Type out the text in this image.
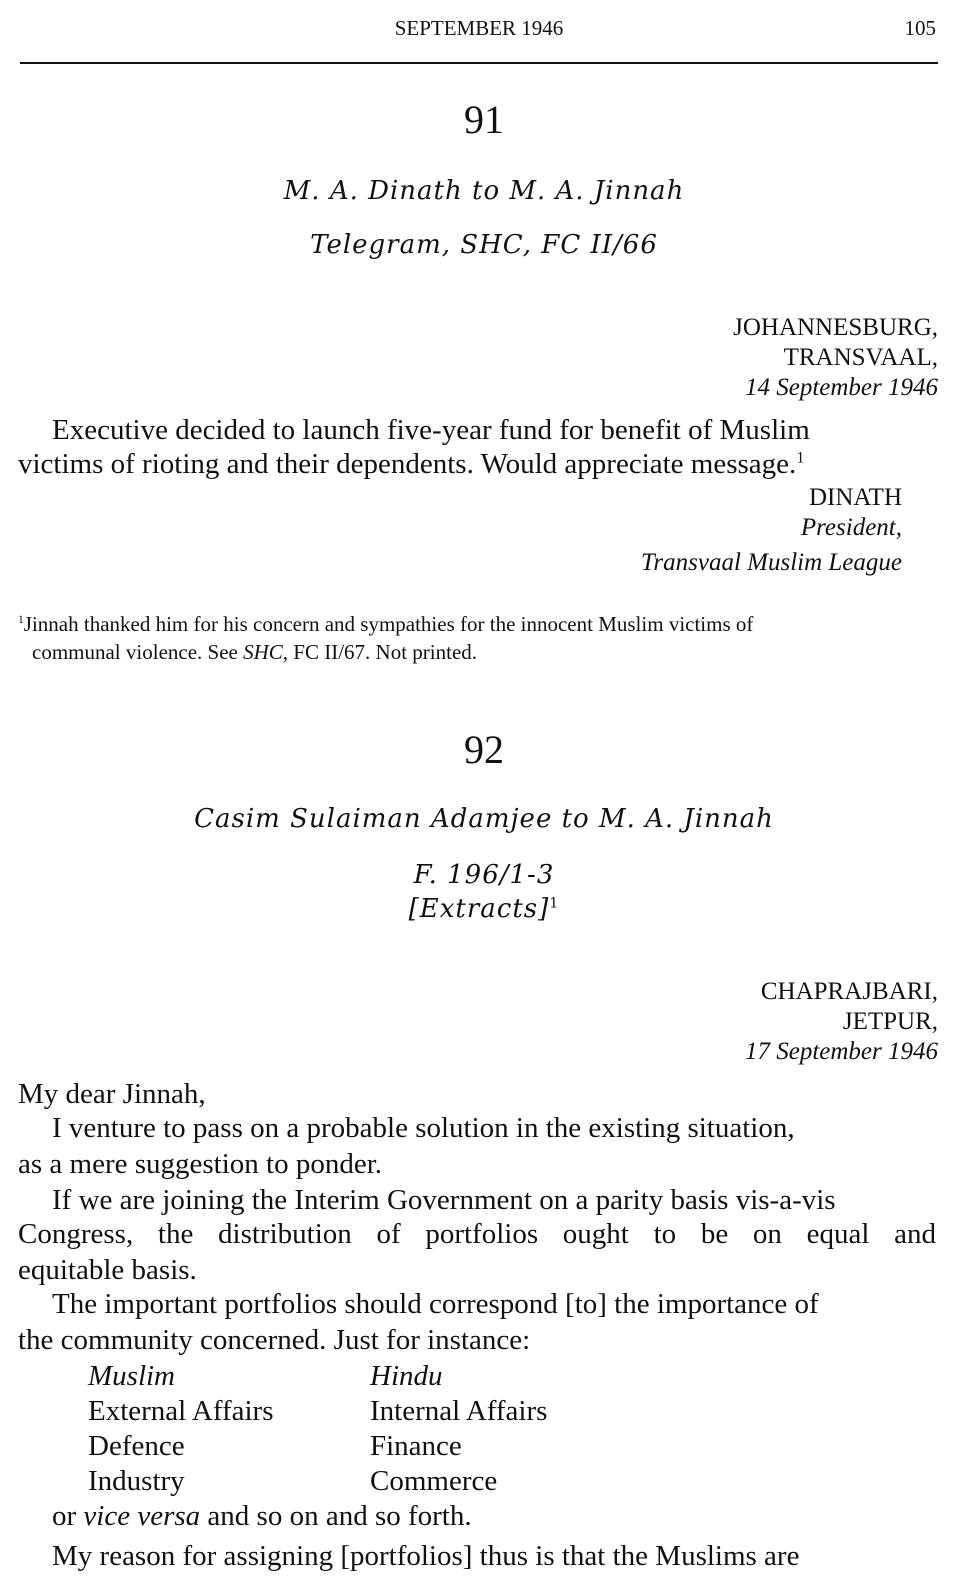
SEPTEMBER 1946	105
91
M. A. Dinath to M. A. Jinnah
Telegram, SHC, FC II/66
JOHANNESBURG,
TRANSVAAL,
14 September 1946
Executive decided to launch five-year fund for benefit of Muslim
victims of rioting and their dependents. Would appreciate message.$^1$
DINATH
President,
Transvaal Muslim League
$^1$Jinnah thanked him for his concern and sympathies for the innocent Muslim victims of
communal violence. See SHC, FC II/67. Not printed.
92
Casim Sulaiman Adamjee to M. A. Jinnah
F. 196/1-3
[Extracts]$^1$
CHAPRAJBARI,
JETPUR,
17 September 1946
My dear Jinnah,
I venture to pass on a probable solution in the existing situation,
as a mere suggestion to ponder.
If we are joining the Interim Government on a parity basis vis-a-vis
Congress, the distribution of portfolios ought to be on equal and
equitable basis.
The important portfolios should correspond [to] the importance of
the community concerned. Just for instance:
Muslim	Hindu
External Affairs	Internal Affairs
Defence	Finance
Industry	Commerce
or vice versa and so on and so forth.
My reason for assigning [portfolios] thus is that the Muslims are
